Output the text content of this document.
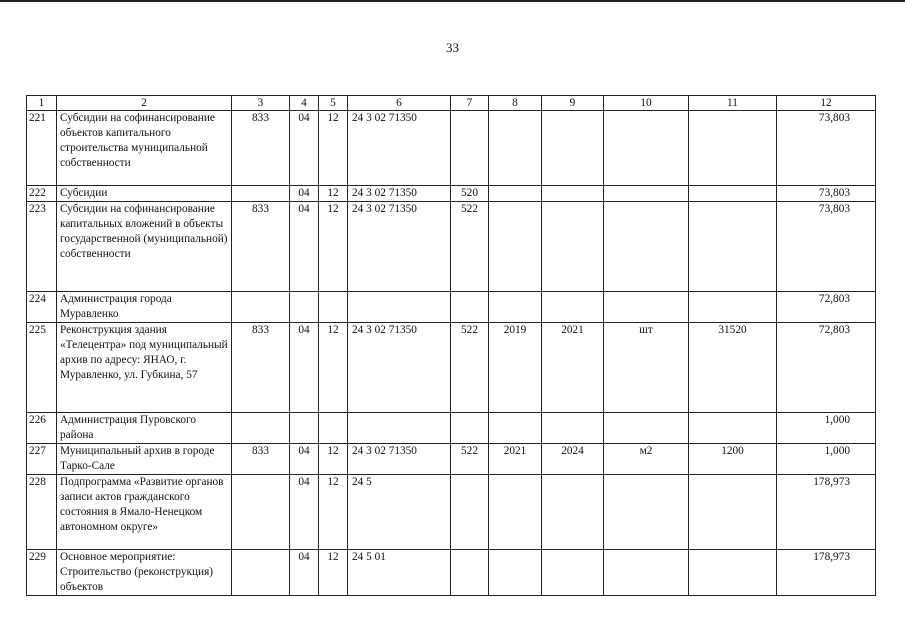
33
1	2	3	4	5	6	7	8	9	10	11	12
221	Субсидии на софинансирование объектов капитального строительства муниципальной собственности	833	04	12	24 3 02 71350						73,803
222	Субсидии		04	12	24 3 02 71350	520					73,803
223	Субсидии на софинансирование капитальных вложений в объекты государственной (муниципальной) собственности	833	04	12	24 3 02 71350	522					73,803
224	Администрация города Муравленко										72,803
225	Реконструкция здания «Телецентра» под муниципальный архив по адресу: ЯНАО, г. Муравленко, ул. Губкина, 57	833	04	12	24 3 02 71350	522	2019	2021	шт	31520	72,803
226	Администрация Пуровского района										1,000
227	Муниципальный архив в городе Тарко-Сале	833	04	12	24 3 02 71350	522	2021	2024	м2	1200	1,000
228	Подпрограмма «Развитие органов записи актов гражданского состояния в Ямало-Ненецком автономном округе»		04	12	24 5						178,973
229	Основное мероприятие: Строительство (реконструкция) объектов		04	12	24 5 01						178,973
